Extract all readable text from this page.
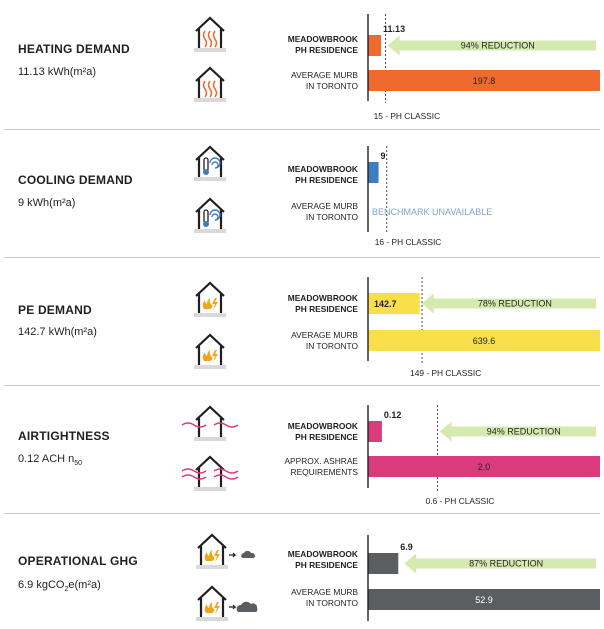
HEATING DEMAND
11.13 kWh(m²a)
MEADOWBROOK
PH RESIDENCE
AVERAGE MURB
IN TORONTO
15 - PH CLASSIC
11.13
94% REDUCTION
197.8
COOLING DEMAND
9 kWh(m²a)
MEADOWBROOK
PH RESIDENCE
AVERAGE MURB
IN TORONTO
16 - PH CLASSIC
9
BENCHMARK UNAVAILABLE
PE DEMAND
142.7 kWh(m²a)
MEADOWBROOK
PH RESIDENCE
AVERAGE MURB
IN TORONTO
149 - PH CLASSIC
142.7	78% REDUCTION
639.6
AIRTIGHTNESS
0.12 ACH $n_{50}$
MEADOWBROOK
PH RESIDENCE
APPROX. ASHRAE
REQUIREMENTS
0.6 - PH CLASSIC
0.12
94% REDUCTION
2.0
OPERATIONAL GHG
6.9 kgCO$_2$e(m²a)
MEADOWBROOK
PH RESIDENCE
AVERAGE MURB
IN TORONTO
6.9
87% REDUCTION
52.9
